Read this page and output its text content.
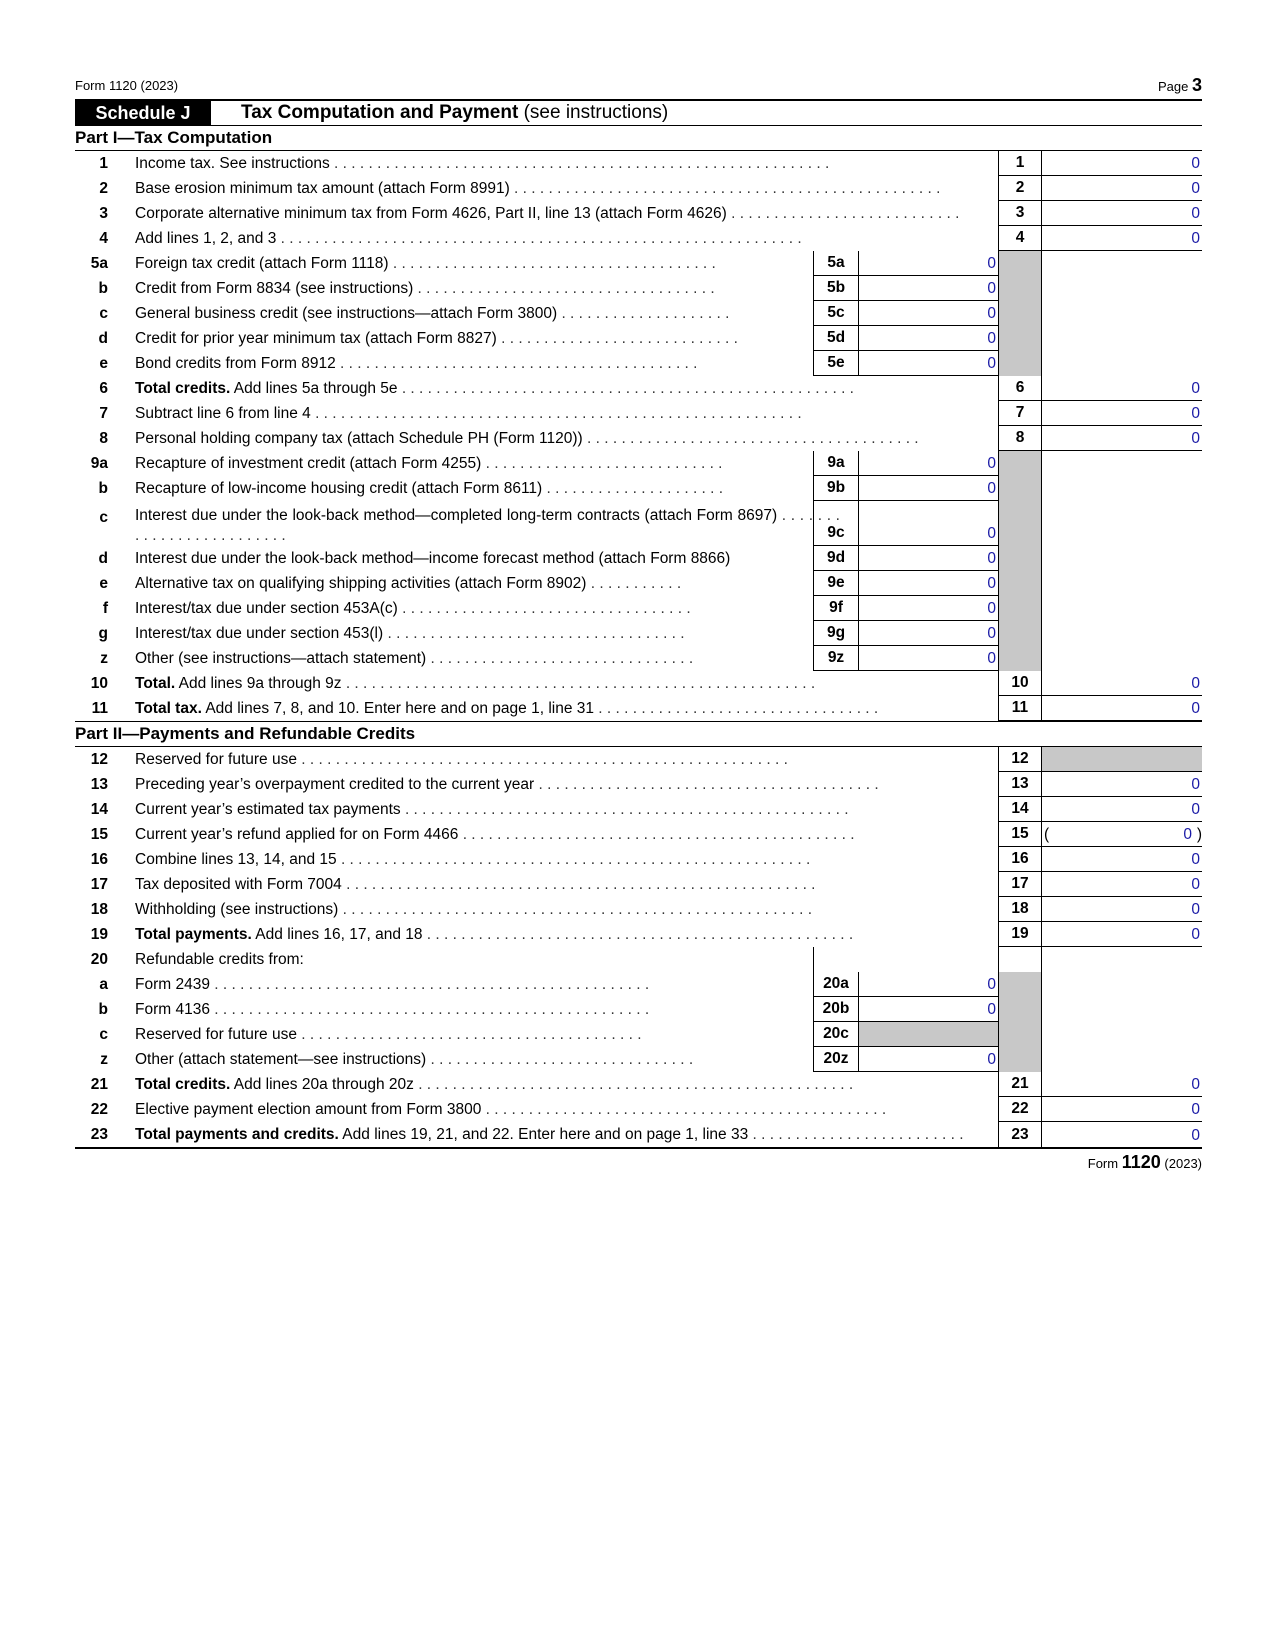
Form 1120 (2023)	Page 3
Schedule J	Tax Computation and Payment (see instructions)
Part I—Tax Computation
1 Income tax. See instructions . . . . . . . . . . . . . . . . . . . . . . . . . . . . . . . . . . . . . . . . . . . . . . . . . . . . . . . . . .	1	0
2 Base erosion minimum tax amount (attach Form 8991) . . . . . . . . . . . . . . . . . . . . . . . . . . . . . . . . . . . . . . . . . . . . . . . . . .	2	0
3 Corporate alternative minimum tax from Form 4626, Part II, line 13 (attach Form 4626) . . . . . . . . . . . . . . . . . . . . . . . . . . .	3	0
4 Add lines 1, 2, and 3 . . . . . . . . . . . . . . . . . . . . . . . . . . . . . . . . . . . . . . . . . . . . . . . . . . . . . . . . . . . . .	4	0
5a Foreign tax credit (attach Form 1118) . . . . . . . . . . . . . . . . . . . . . . . . . . . . . . . . . . . . . .	5a	0
b Credit from Form 8834 (see instructions) . . . . . . . . . . . . . . . . . . . . . . . . . . . . . . . . . . .	5b	0
c General business credit (see instructions—attach Form 3800) . . . . . . . . . . . . . . . . . . . .	5c	0
d Credit for prior year minimum tax (attach Form 8827) . . . . . . . . . . . . . . . . . . . . . . . . . . . .	5d	0
e Bond credits from Form 8912 . . . . . . . . . . . . . . . . . . . . . . . . . . . . . . . . . . . . . . . . . .	5e	0
6 Total credits. Add lines 5a through 5e . . . . . . . . . . . . . . . . . . . . . . . . . . . . . . . . . . . . . . . . . . . . . . . . . . . . .	6	0
7 Subtract line 6 from line 4 . . . . . . . . . . . . . . . . . . . . . . . . . . . . . . . . . . . . . . . . . . . . . . . . . . . . . . . . .	7	0
8 Personal holding company tax (attach Schedule PH (Form 1120)) . . . . . . . . . . . . . . . . . . . . . . . . . . . . . . . . . . . . . . .	8	0
9a Recapture of investment credit (attach Form 4255) . . . . . . . . . . . . . . . . . . . . . . . . . . . .	9a	0
b Recapture of low-income housing credit (attach Form 8611) . . . . . . . . . . . . . . . . . . . . .	9b	0
c Interest due under the look-back method—completed long-term contracts (attach Form 8697) . . . . . . . . . . . . . . . . . . . . . . . . .	9c	0
d Interest due under the look-back method—income forecast method (attach Form 8866)	9d	0
e Alternative tax on qualifying shipping activities (attach Form 8902) . . . . . . . . . . .	9e	0
f Interest/tax due under section 453A(c) . . . . . . . . . . . . . . . . . . . . . . . . . . . . . . . . . .	9f	0
g Interest/tax due under section 453(l) . . . . . . . . . . . . . . . . . . . . . . . . . . . . . . . . . . .	9g	0
z Other (see instructions—attach statement) . . . . . . . . . . . . . . . . . . . . . . . . . . . . . . .	9z	0
10 Total. Add lines 9a through 9z . . . . . . . . . . . . . . . . . . . . . . . . . . . . . . . . . . . . . . . . . . . . . . . . . . . . . . .	10	0
11 Total tax. Add lines 7, 8, and 10. Enter here and on page 1, line 31 . . . . . . . . . . . . . . . . . . . . . . . . . . . . . . . . .	11	0
Part II—Payments and Refundable Credits
12 Reserved for future use . . . . . . . . . . . . . . . . . . . . . . . . . . . . . . . . . . . . . . . . . . . . . . . . . . . . . . . . .	12
13 Preceding year’s overpayment credited to the current year . . . . . . . . . . . . . . . . . . . . . . . . . . . . . . . . . . . . . . . .	13	0
14 Current year’s estimated tax payments . . . . . . . . . . . . . . . . . . . . . . . . . . . . . . . . . . . . . . . . . . . . . . . . . . . .	14	0
15 Current year’s refund applied for on Form 4466 . . . . . . . . . . . . . . . . . . . . . . . . . . . . . . . . . . . . . . . . . . . . . .	15 (	0 )
16 Combine lines 13, 14, and 15 . . . . . . . . . . . . . . . . . . . . . . . . . . . . . . . . . . . . . . . . . . . . . . . . . . . . . . .	16	0
17 Tax deposited with Form 7004 . . . . . . . . . . . . . . . . . . . . . . . . . . . . . . . . . . . . . . . . . . . . . . . . . . . . . . .	17	0
18 Withholding (see instructions) . . . . . . . . . . . . . . . . . . . . . . . . . . . . . . . . . . . . . . . . . . . . . . . . . . . . . . .	18	0
19 Total payments. Add lines 16, 17, and 18 . . . . . . . . . . . . . . . . . . . . . . . . . . . . . . . . . . . . . . . . . . . . . . . . . .	19	0
20 Refundable credits from:
a Form 2439 . . . . . . . . . . . . . . . . . . . . . . . . . . . . . . . . . . . . . . . . . . . . . . . . . . .	20a	0
b Form 4136 . . . . . . . . . . . . . . . . . . . . . . . . . . . . . . . . . . . . . . . . . . . . . . . . . . .	20b	0
c Reserved for future use . . . . . . . . . . . . . . . . . . . . . . . . . . . . . . . . . . . . . . . .	20c
z Other (attach statement—see instructions) . . . . . . . . . . . . . . . . . . . . . . . . . . . . . . .	20z	0
21 Total credits. Add lines 20a through 20z . . . . . . . . . . . . . . . . . . . . . . . . . . . . . . . . . . . . . . . . . . . . . . . . . . .	21	0
22 Elective payment election amount from Form 3800 . . . . . . . . . . . . . . . . . . . . . . . . . . . . . . . . . . . . . . . . . . . . . . .	22	0
23 Total payments and credits. Add lines 19, 21, and 22. Enter here and on page 1, line 33 . . . . . . . . . . . . . . . . . . . . . . . . .	23	0
Form 1120 (2023)
